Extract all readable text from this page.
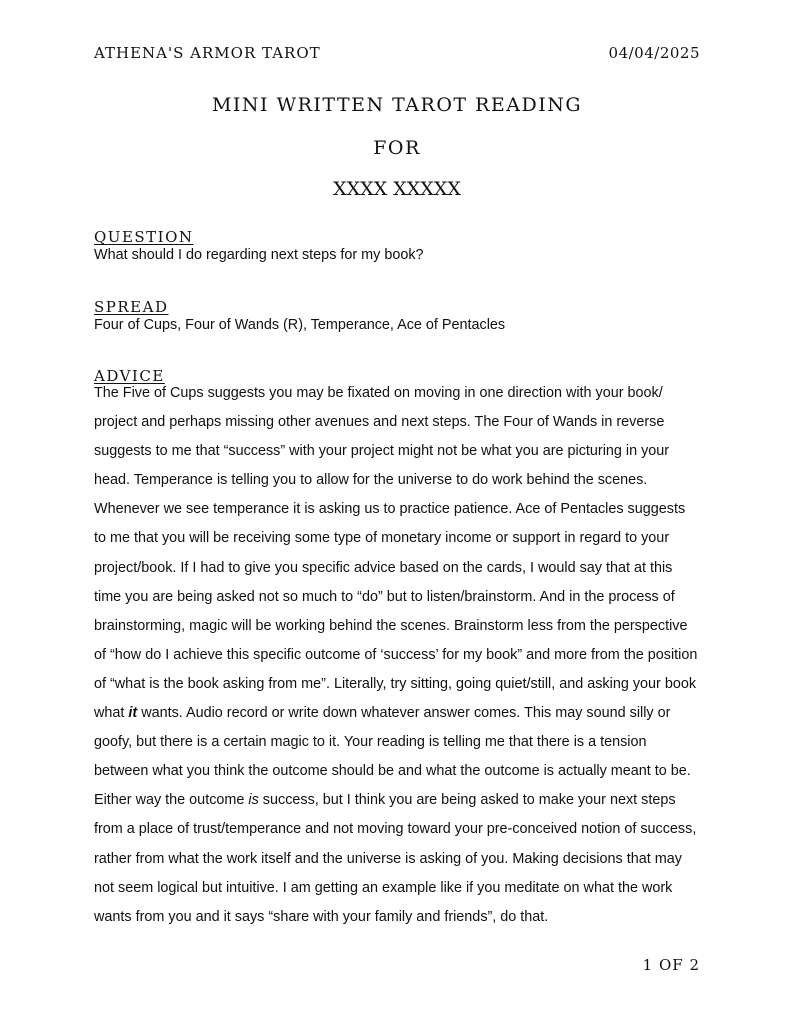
ATHENA'S ARMOR TAROT	04/04/2025
MINI WRITTEN TAROT READING
FOR
XXXX XXXXX
QUESTION
What should I do regarding next steps for my book?
SPREAD
Four of Cups, Four of Wands (R), Temperance, Ace of Pentacles
ADVICE

The Five of Cups suggests you may be fixated on moving in one direction with your book/ project and perhaps missing other avenues and next steps. The Four of Wands in reverse suggests to me that “success” with your project might not be what you are picturing in your head. Temperance is telling you to allow for the universe to do work behind the scenes. Whenever we see temperance it is asking us to practice patience. Ace of Pentacles suggests to me that you will be receiving some type of monetary income or support in regard to your project/book. If I had to give you specific advice based on the cards, I would say that at this time you are being asked not so much to “do” but to listen/brainstorm. And in the process of brainstorming, magic will be working behind the scenes. Brainstorm less from the perspective of “how do I achieve this specific outcome of ‘success’ for my book” and more from the position of “what is the book asking from me”. Literally, try sitting, going quiet/still, and asking your book what it wants. Audio record or write down whatever answer comes. This may sound silly or goofy, but there is a certain magic to it. Your reading is telling me that there is a tension between what you think the outcome should be and what the outcome is actually meant to be. Either way the outcome is success, but I think you are being asked to make your next steps from a place of trust/temperance and not moving toward your pre-conceived notion of success, rather from what the work itself and the universe is asking of you. Making decisions that may not seem logical but intuitive. I am getting an example like if you meditate on what the work wants from you and it says “share with your family and friends”, do that.

1 OF 2
